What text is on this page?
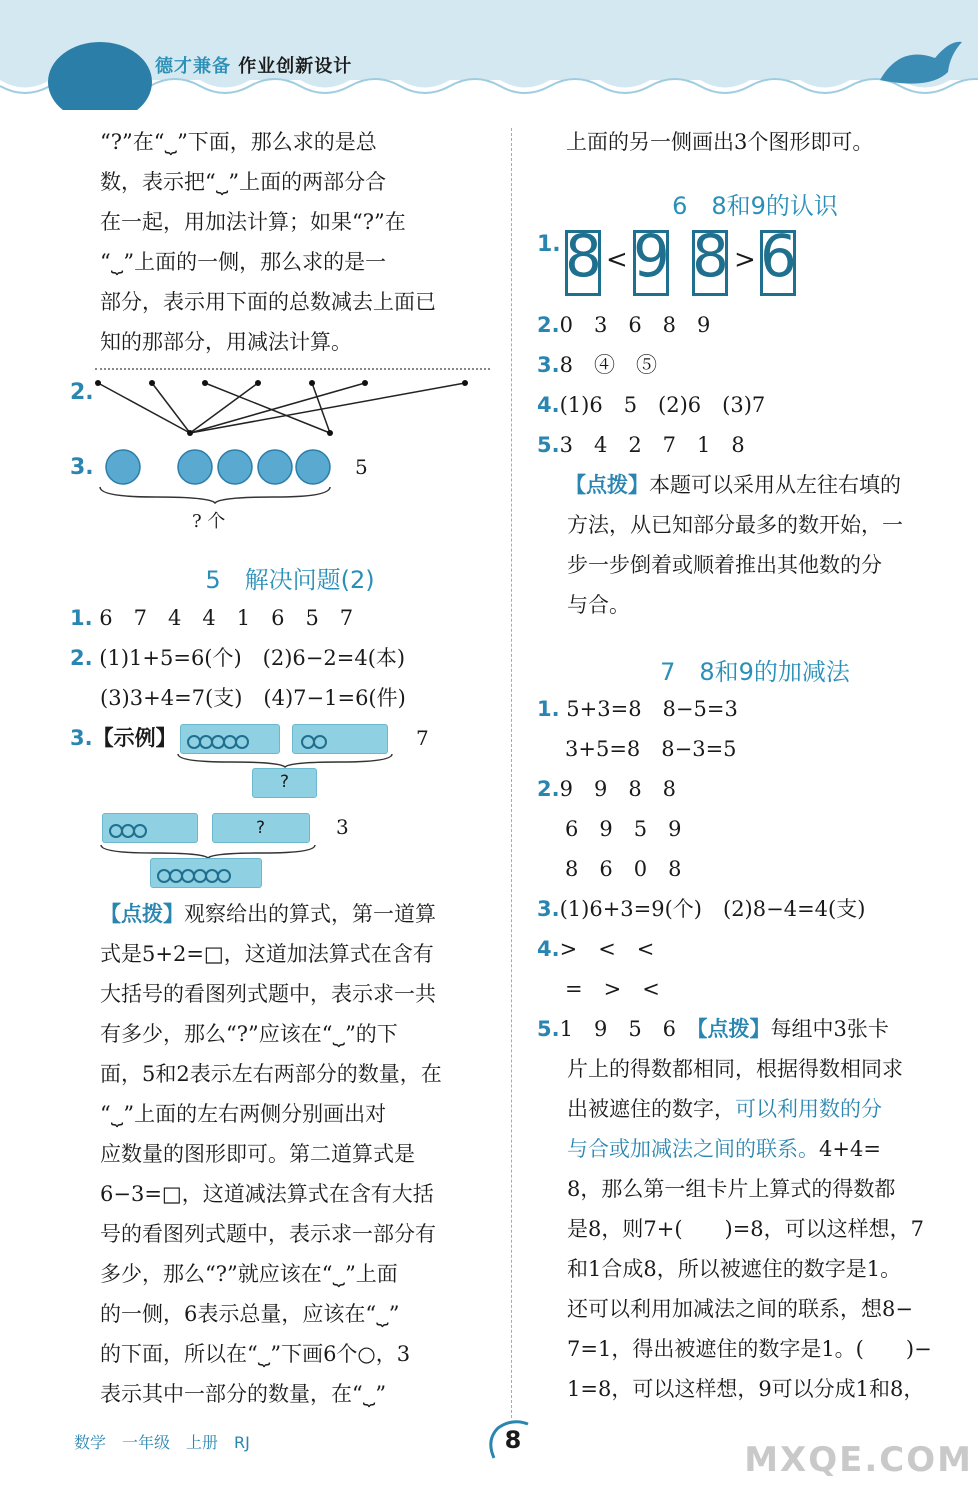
德才兼备 作业创新设计
“?”在“⏟”下面，那么求的是总
数，表示把“⏟”上面的两部分合
在一起，用加法计算；如果“?”在
“⏟”上面的一侧，那么求的是一
部分，表示用下面的总数减去上面已
知的那部分，用减法计算。
2.
3.	5
? 个
5　解决问题(2)
1. 6　7　4　4　1　6　5　7
2. (1)1+5=6(个)　(2)6−2=4(本)
(3)3+4=7(支)　(4)7−1=6(件)
3.【示例】	7
?
?	3
【点拨】观察给出的算式，第一道算
式是5+2=□，这道加法算式在含有
大括号的看图列式题中，表示求一共
有多少，那么“?”应该在“⏟”的下
面，5和2表示左右两部分的数量，在
“⏟”上面的左右两侧分别画出对
应数量的图形即可。第二道算式是
6−3=□，这道减法算式在含有大括
号的看图列式题中，表示求一部分有
多少，那么“?”就应该在“⏟”上面
的一侧，6表示总量，应该在“⏟”
的下面，所以在“⏟”下画6个○，3
表示其中一部分的数量，在“⏟”
上面的另一侧画出3个图形即可。
6　8和9的认识
1. 8 < 9 8 > 6
2.0　3　6　8　9
3.8　④　⑤
4.(1)6　5　(2)6　(3)7
5.3　4　2　7　1　8
【点拨】本题可以采用从左往右填的
方法，从已知部分最多的数开始，一
步一步倒着或顺着推出其他数的分
与合。
7　8和9的加减法
1. 5+3=8　8−5=3
3+5=8　8−3=5
2.9　9　8　8
6　9　5　9
8　6　0　8
3.(1)6+3=9(个)　(2)8−4=4(支)
4.>　<　<
=　>　<
5.1　9　5　6　 【点拨】每组中3张卡
片上的得数都相同，根据得数相同求
出被遮住的数字，可以利用数的分
与合或加减法之间的联系。4+4=
8，那么第一组卡片上算式的得数都
是8，则7+(　　)=8，可以这样想，7
和1合成8，所以被遮住的数字是1。
还可以利用加减法之间的联系，想8−
7=1，得出被遮住的数字是1。(　　)−
1=8，可以这样想，9可以分成1和8，
数学　一年级　上册　RJ	8	MXQE.COM
